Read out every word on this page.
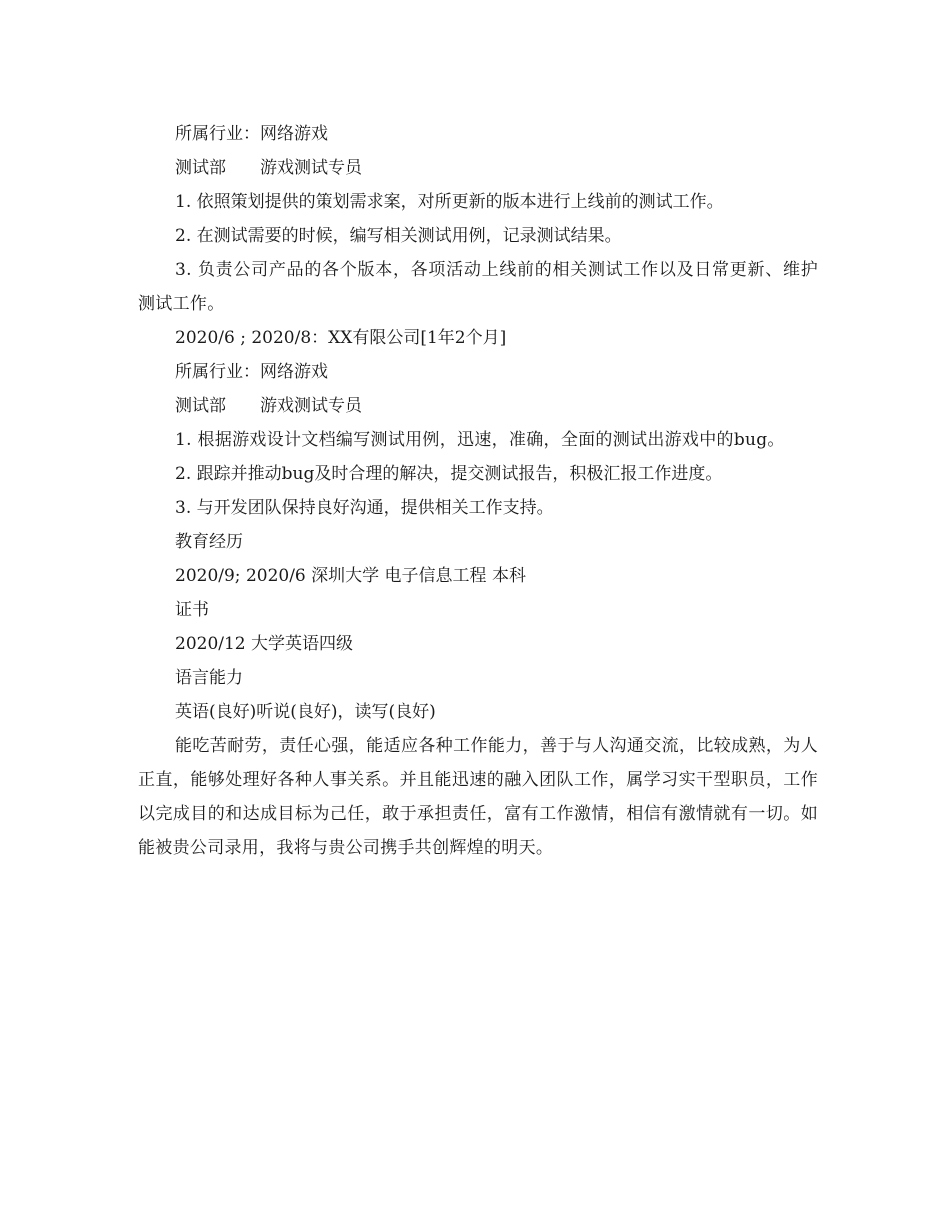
所属行业：网络游戏

测试部　　游戏测试专员

1. 依照策划提供的策划需求案，对所更新的版本进行上线前的测试工作。

2. 在测试需要的时候，编写相关测试用例，记录测试结果。

3. 负责公司产品的各个版本，各项活动上线前的相关测试工作以及日常更新、维护测试工作。

2020/6 ; 2020/8：XX有限公司[1年2个月]

所属行业：网络游戏

测试部　　游戏测试专员

1. 根据游戏设计文档编写测试用例，迅速，准确，全面的测试出游戏中的bug。

2. 跟踪并推动bug及时合理的解决，提交测试报告，积极汇报工作进度。

3. 与开发团队保持良好沟通，提供相关工作支持。

教育经历

2020/9; 2020/6 深圳大学 电子信息工程 本科

证书

2020/12 大学英语四级

语言能力

英语(良好)听说(良好)，读写(良好)

能吃苦耐劳，责任心强，能适应各种工作能力，善于与人沟通交流，比较成熟，为人正直，能够处理好各种人事关系。并且能迅速的融入团队工作，属学习实干型职员，工作以完成目的和达成目标为己任，敢于承担责任，富有工作激情，相信有激情就有一切。如能被贵公司录用，我将与贵公司携手共创辉煌的明天。
